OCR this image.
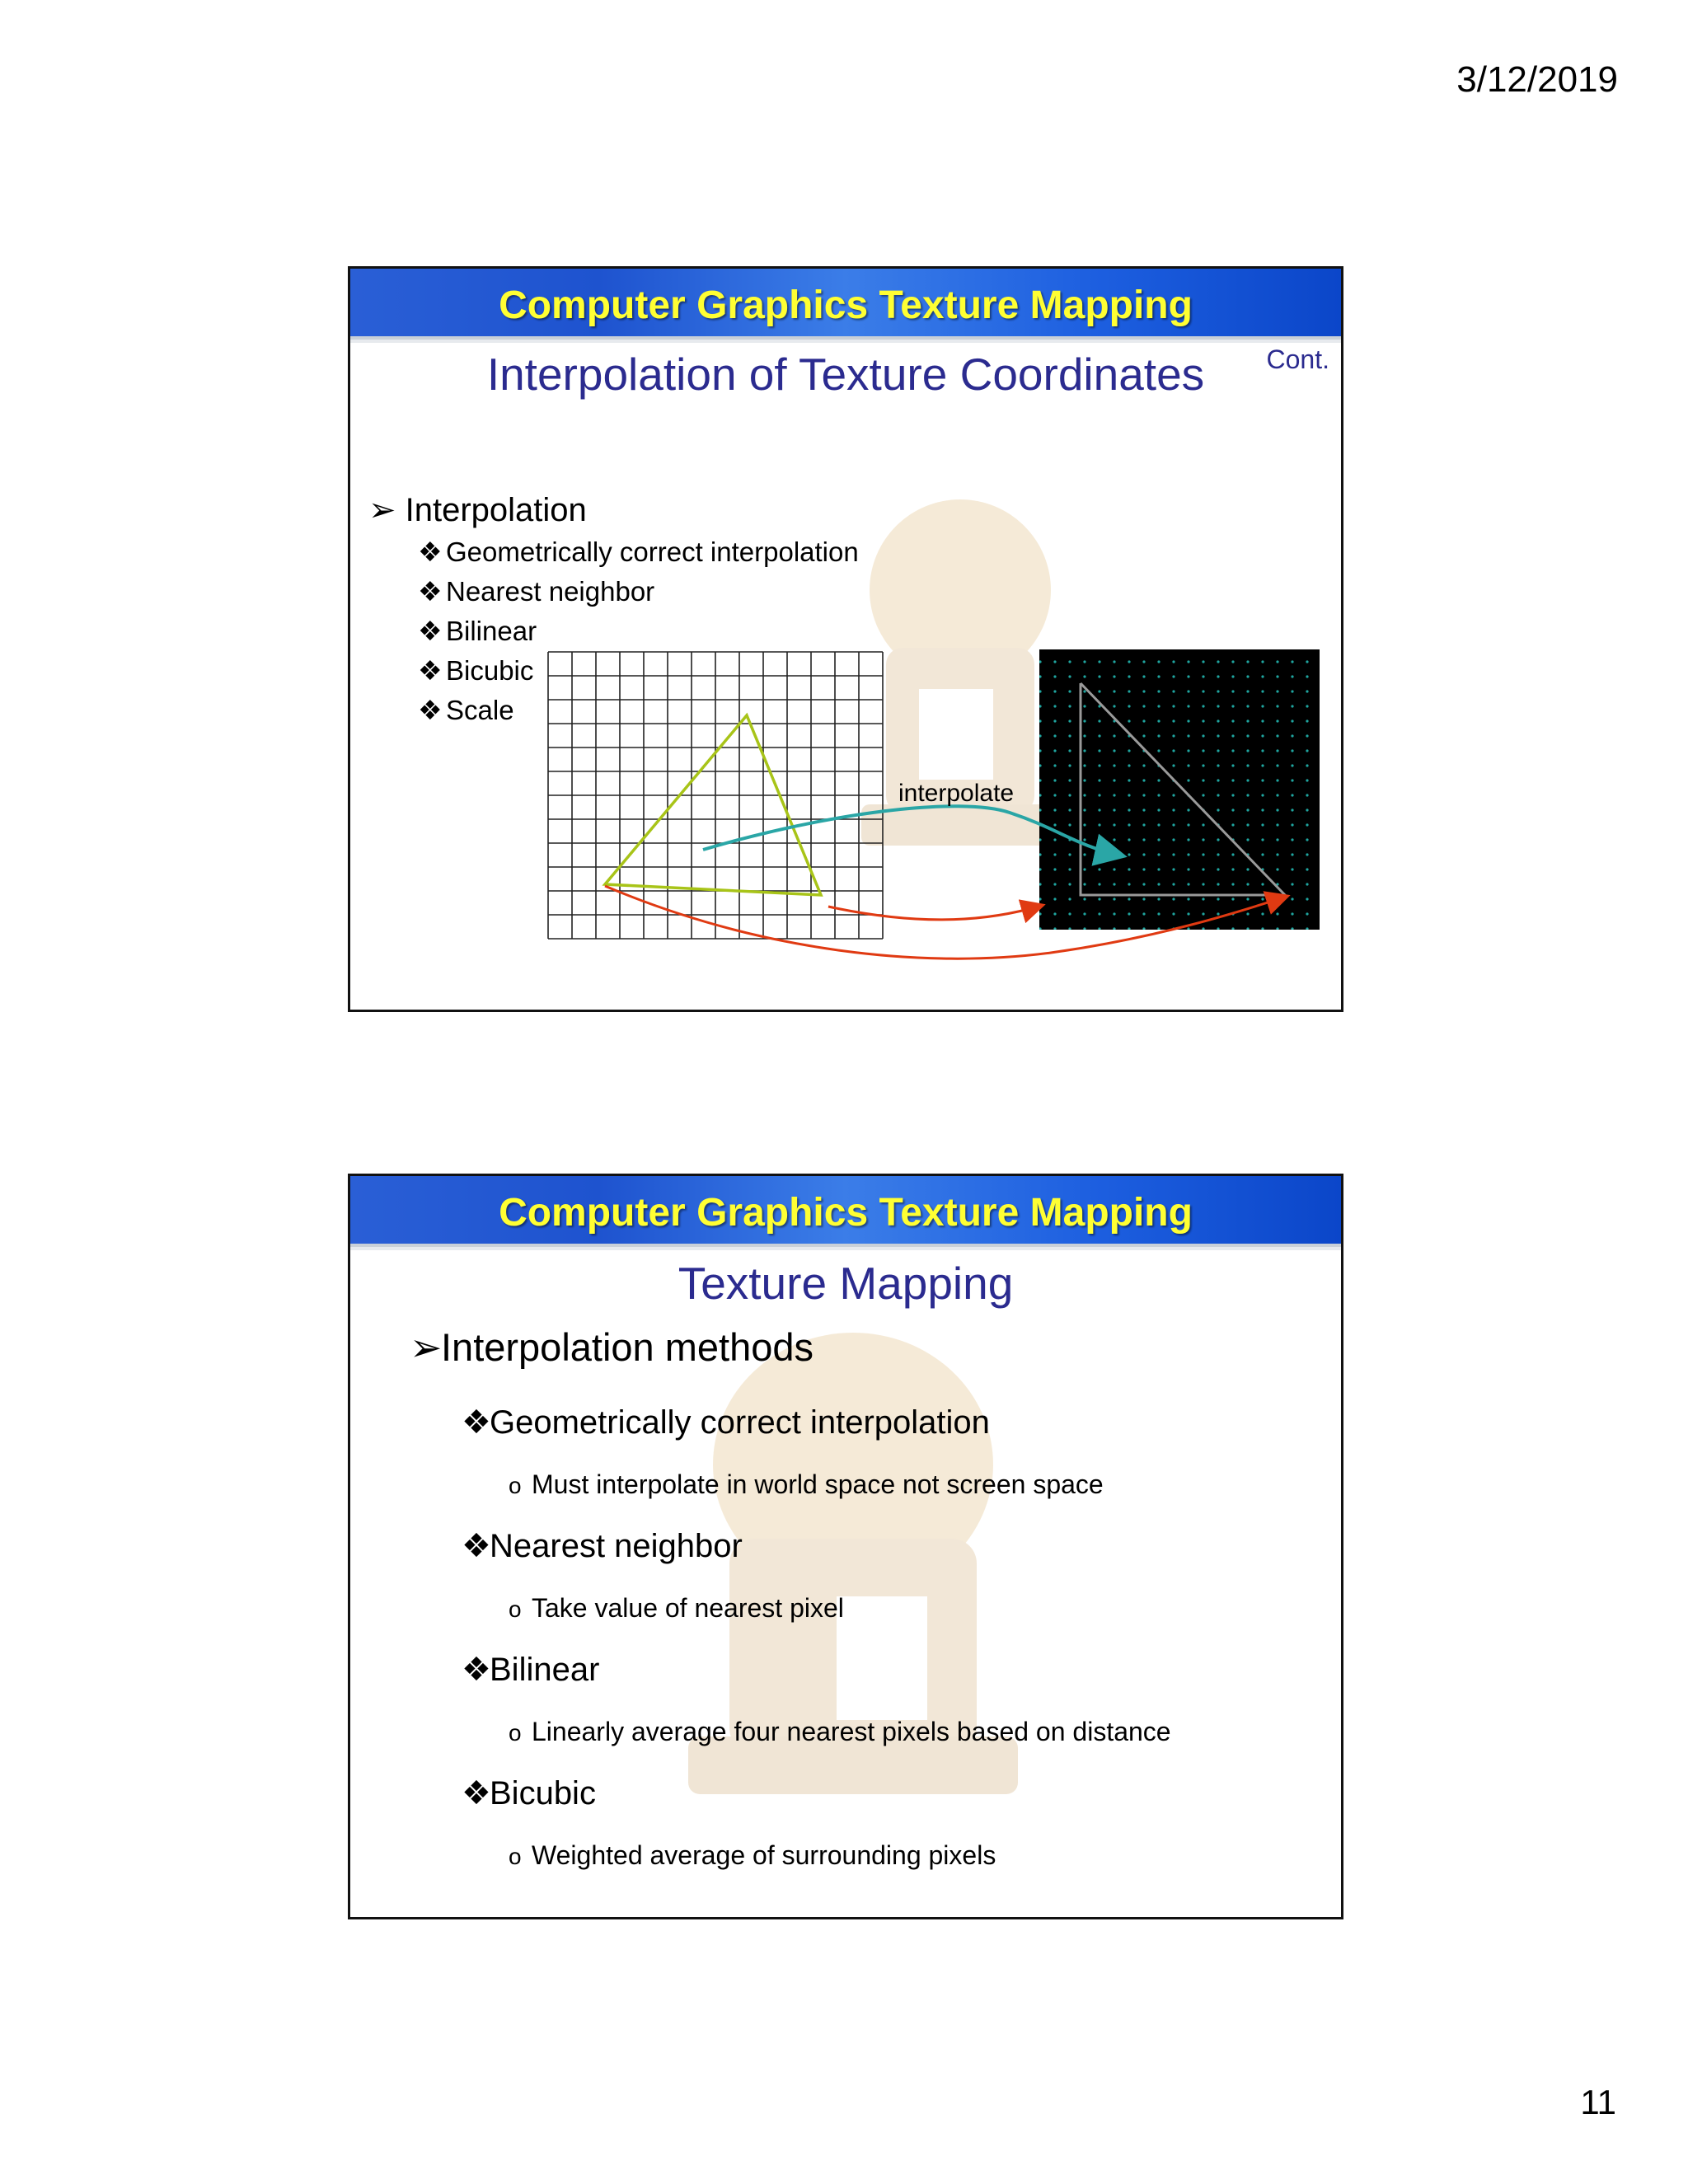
3/12/2019
Computer Graphics Texture Mapping
Interpolation of Texture Coordinates	Cont.
➢ Interpolation
❖ Geometrically correct interpolation
❖ Nearest neighbor
❖ Bilinear
❖ Bicubic
❖ Scale
interpolate
Computer Graphics Texture Mapping
Texture Mapping
➢Interpolation methods
❖Geometrically correct interpolation
o Must interpolate in world space not screen space
❖Nearest neighbor
o Take value of nearest pixel
❖Bilinear
o Linearly average four nearest pixels based on distance
❖Bicubic
o Weighted average of surrounding pixels
11
